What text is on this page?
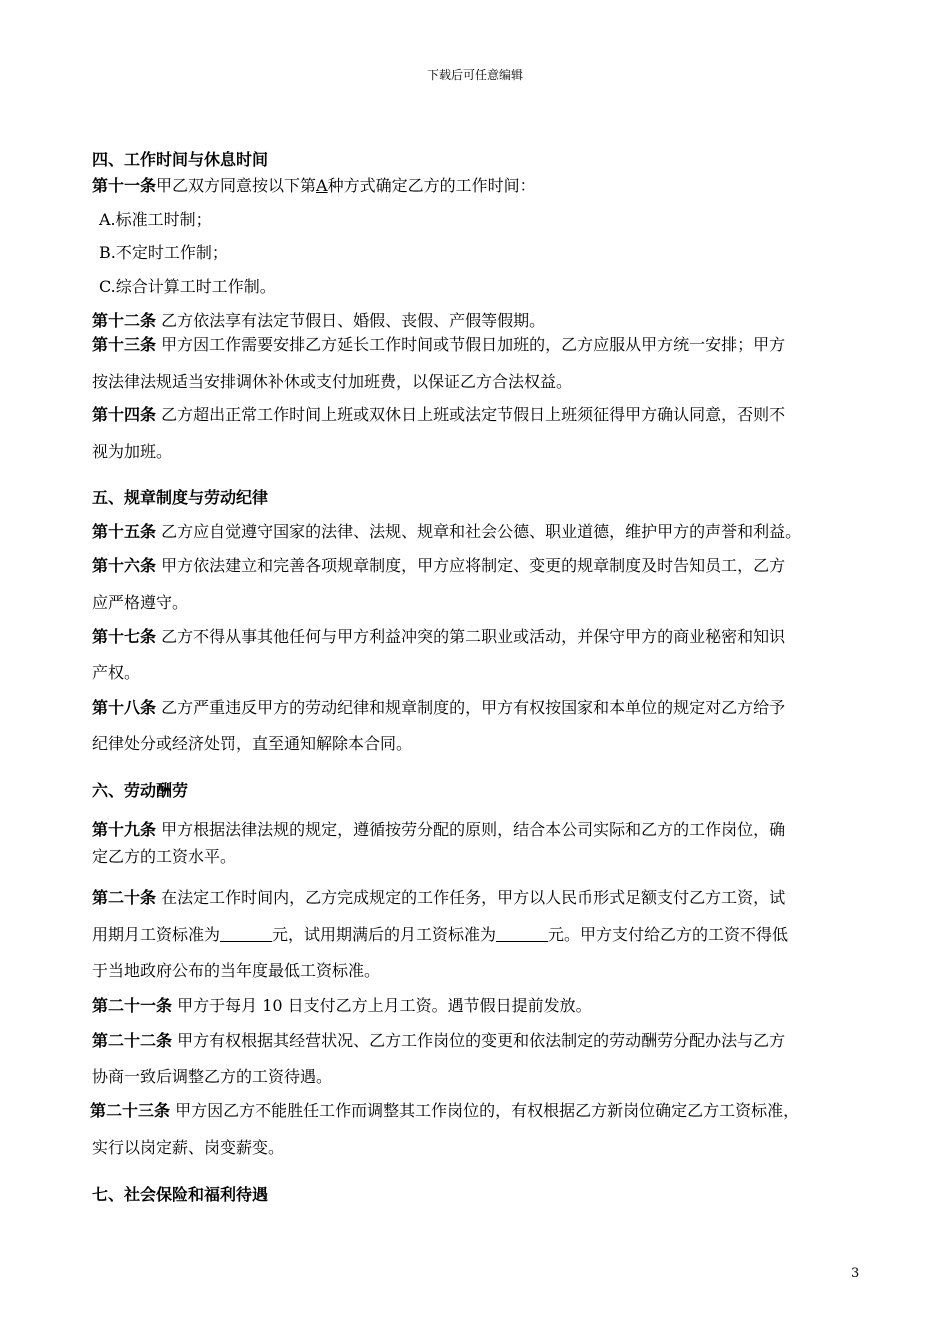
下载后可任意编辑
四、工作时间与休息时间
第十一条甲乙双方同意按以下第A种方式确定乙方的工作时间：
A.标准工时制；
B.不定时工作制；
C.综合计算工时工作制。
第十二条 乙方依法享有法定节假日、婚假、丧假、产假等假期。
第十三条 甲方因工作需要安排乙方延长工作时间或节假日加班的，乙方应服从甲方统一安排；甲方
按法律法规适当安排调休补休或支付加班费，以保证乙方合法权益。
第十四条 乙方超出正常工作时间上班或双休日上班或法定节假日上班须征得甲方确认同意，否则不
视为加班。
五、规章制度与劳动纪律
第十五条 乙方应自觉遵守国家的法律、法规、规章和社会公德、职业道德，维护甲方的声誉和利益。
第十六条 甲方依法建立和完善各项规章制度，甲方应将制定、变更的规章制度及时告知员工，乙方
应严格遵守。
第十七条 乙方不得从事其他任何与甲方利益冲突的第二职业或活动，并保守甲方的商业秘密和知识
产权。
第十八条 乙方严重违反甲方的劳动纪律和规章制度的，甲方有权按国家和本单位的规定对乙方给予
纪律处分或经济处罚，直至通知解除本合同。
六、劳动酬劳
第十九条 甲方根据法律法规的规定，遵循按劳分配的原则，结合本公司实际和乙方的工作岗位，确
定乙方的工资水平。
第二十条 在法定工作时间内，乙方完成规定的工作任务，甲方以人民币形式足额支付乙方工资，试
用期月工资标准为	元，试用期满后的月工资标准为	元。甲方支付给乙方的工资不得低
于当地政府公布的当年度最低工资标准。
第二十一条 甲方于每月 10 日支付乙方上月工资。遇节假日提前发放。
第二十二条 甲方有权根据其经营状况、乙方工作岗位的变更和依法制定的劳动酬劳分配办法与乙方
协商一致后调整乙方的工资待遇。
第二十三条 甲方因乙方不能胜任工作而调整其工作岗位的，有权根据乙方新岗位确定乙方工资标准，
实行以岗定薪、岗变薪变。
七、社会保险和福利待遇
3
